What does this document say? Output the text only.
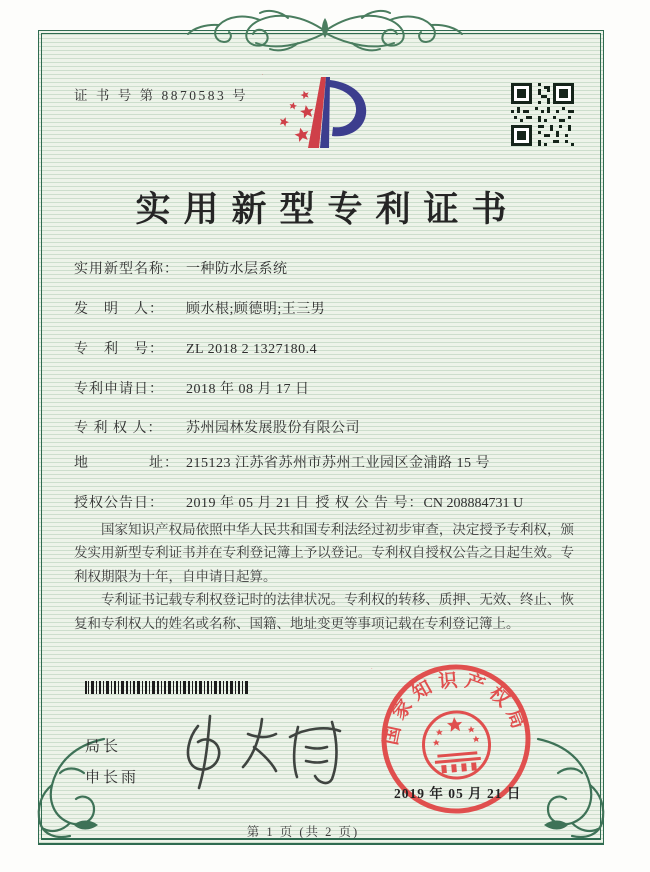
证 书 号 第 8870583 号
实用新型专利证书
实用新型名称： 一种防水层系统
发　明　人： 顾水根;顾德明;王三男
专　利　号： ZL 2018 2 1327180.4
专利申请日： 2018 年 08 月 17 日
专 利 权 人： 苏州园林发展股份有限公司
地　　　　址： 215123 江苏省苏州市苏州工业园区金浦路 15 号
授权公告日： 2019 年 05 月 21 日 授 权 公 告 号：CN 208884731 U

国家知识产权局依照中华人民共和国专利法经过初步审查，决定授予专利权，颁发实用新型专利证书并在专利登记簿上予以登记。专利权自授权公告之日起生效。专利权期限为十年，自申请日起算。

专利证书记载专利权登记时的法律状况。专利权的转移、质押、无效、终止、恢复和专利权人的姓名或名称、国籍、地址变更等事项记载在专利登记簿上。

局长
申长雨
国家知识产权局
2019 年 05 月 21 日
第 1 页 (共 2 页)
